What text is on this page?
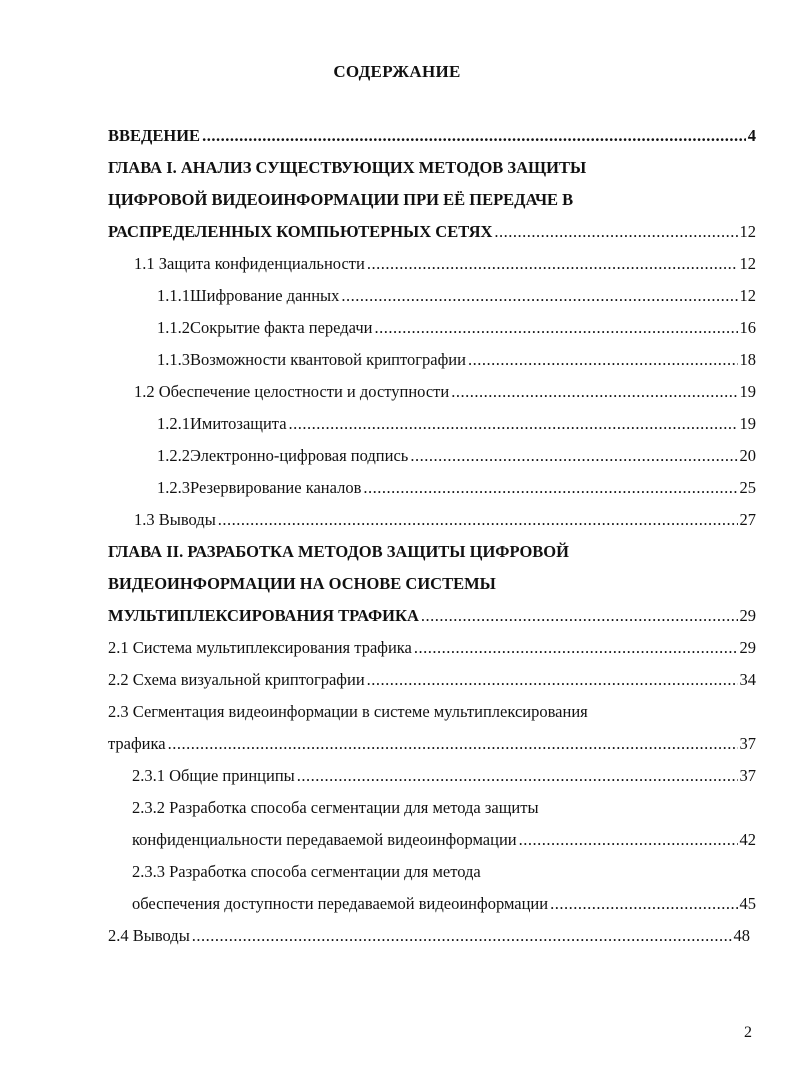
СОДЕРЖАНИЕ
ВВЕДЕНИЕ .....	4
ГЛАВА I. АНАЛИЗ СУЩЕСТВУЮЩИХ МЕТОДОВ ЗАЩИТЫ
ЦИФРОВОЙ ВИДЕОИНФОРМАЦИИ ПРИ ЕЁ ПЕРЕДАЧЕ В
РАСПРЕДЕЛЕННЫХ КОМПЬЮТЕРНЫХ СЕТЯХ .....	12
1.1 Защита конфиденциальности .....	12
1.1.1 Шифрование данных .....	12
1.1.2 Сокрытие факта передачи .....	16
1.1.3 Возможности квантовой криптографии .....	18
1.2 Обеспечение целостности и доступности .....	19
1.2.1 Имитозащита .....	19
1.2.2 Электронно-цифровая подпись .....	20
1.2.3 Резервирование каналов .....	25
1.3 Выводы .....	27
ГЛАВА II. РАЗРАБОТКА МЕТОДОВ ЗАЩИТЫ ЦИФРОВОЙ
ВИДЕОИНФОРМАЦИИ НА ОСНОВЕ СИСТЕМЫ
МУЛЬТИПЛЕКСИРОВАНИЯ ТРАФИКА .....	29
2.1 Система мультиплексирования трафика .....	29
2.2 Схема визуальной криптографии .....	34
2.3 Сегментация видеоинформации в системе мультиплексирования
трафика .....	37
2.3.1 Общие принципы .....	37
2.3.2 Разработка способа сегментации для метода защиты
конфиденциальности передаваемой видеоинформации .....	42
2.3.3 Разработка способа сегментации для метода
обеспечения доступности передаваемой видеоинформации .....	45
2.4 Выводы .....	48
2
